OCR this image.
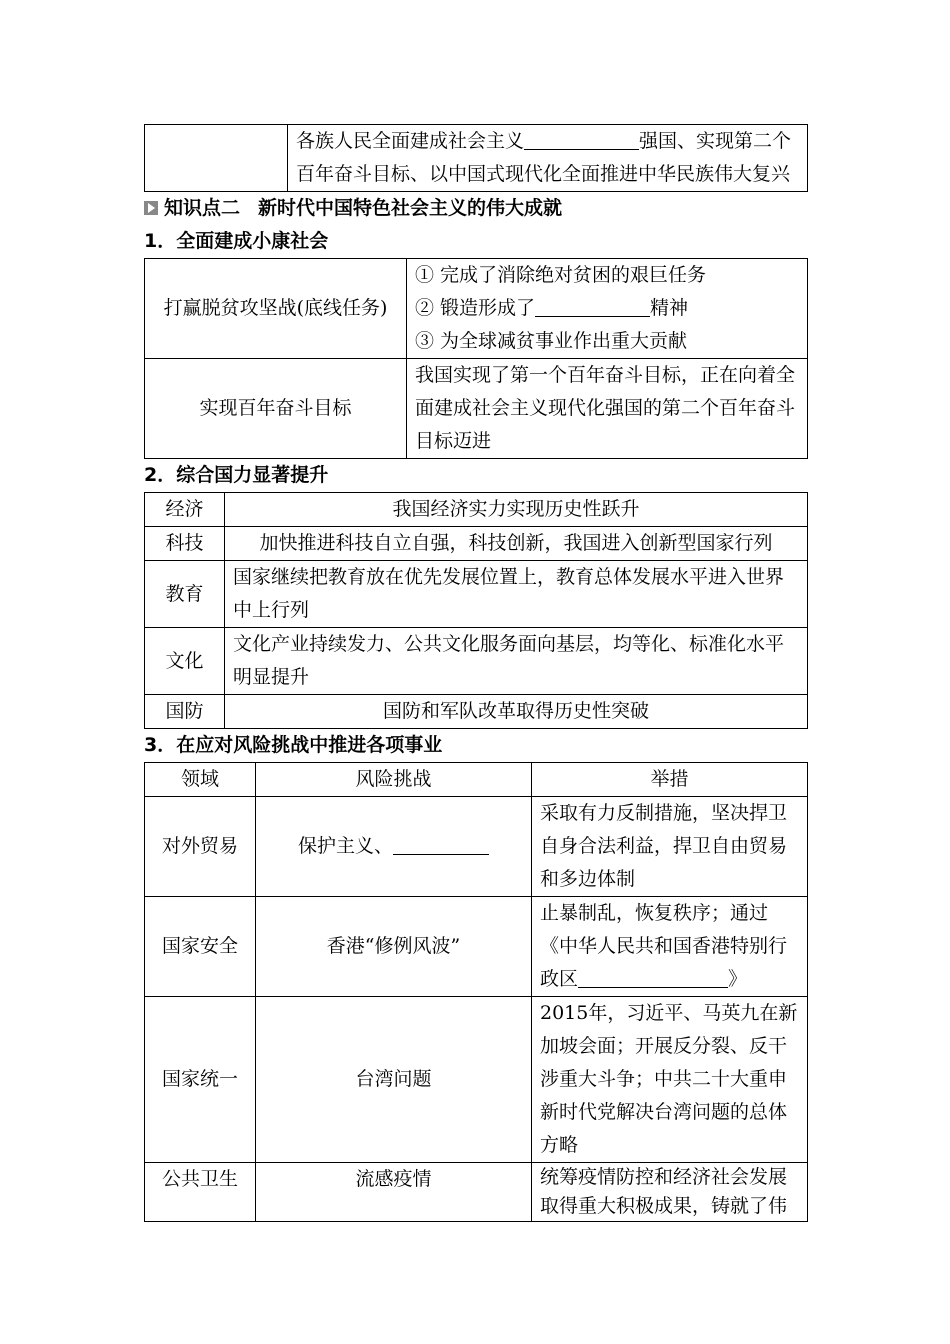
各族人民全面建成社会主义	强国、实现第二个
百年奋斗目标、以中国式现代化全面推进中华民族伟大复兴
知识点二 新时代中国特色社会主义的伟大成就
1．全面建成小康社会
打赢脱贫攻坚战(底线任务)	① 完成了消除绝对贫困的艰巨任务
② 锻造形成了 精神
③ 为全球减贫事业作出重大贡献

实现百年奋斗目标	我国实现了第一个百年奋斗目标，正在向着全
面建成社会主义现代化强国的第二个百年奋斗
目标迈进
2．综合国力显著提升
经济	我国经济实力实现历史性跃升
科技	加快推进科技自立自强，科技创新，我国进入创新型国家行列
教育	国家继续把教育放在优先发展位置上，教育总体发展水平进入世界
中上行列

文化	文化产业持续发力、公共文化服务面向基层，均等化、标准化水平
明显提升

国防	国防和军队改革取得历史性突破
3．在应对风险挑战中推进各项事业
领域	风险挑战	举措
对外贸易	保护主义、	采取有力反制措施，坚决捍卫
自身合法利益，捍卫自由贸易
和多边体制

国家安全	香港“修例风波”	止暴制乱，恢复秩序；通过
《中华人民共和国香港特别行
政区 》

国家统一	台湾问题	2015年，习近平、马英九在新
加坡会面；开展反分裂、反干
涉重大斗争；中共二十大重申
新时代党解决台湾问题的总体
方略

公共卫生	流感疫情	统筹疫情防控和经济社会发展
取得重大积极成果，铸就了伟
